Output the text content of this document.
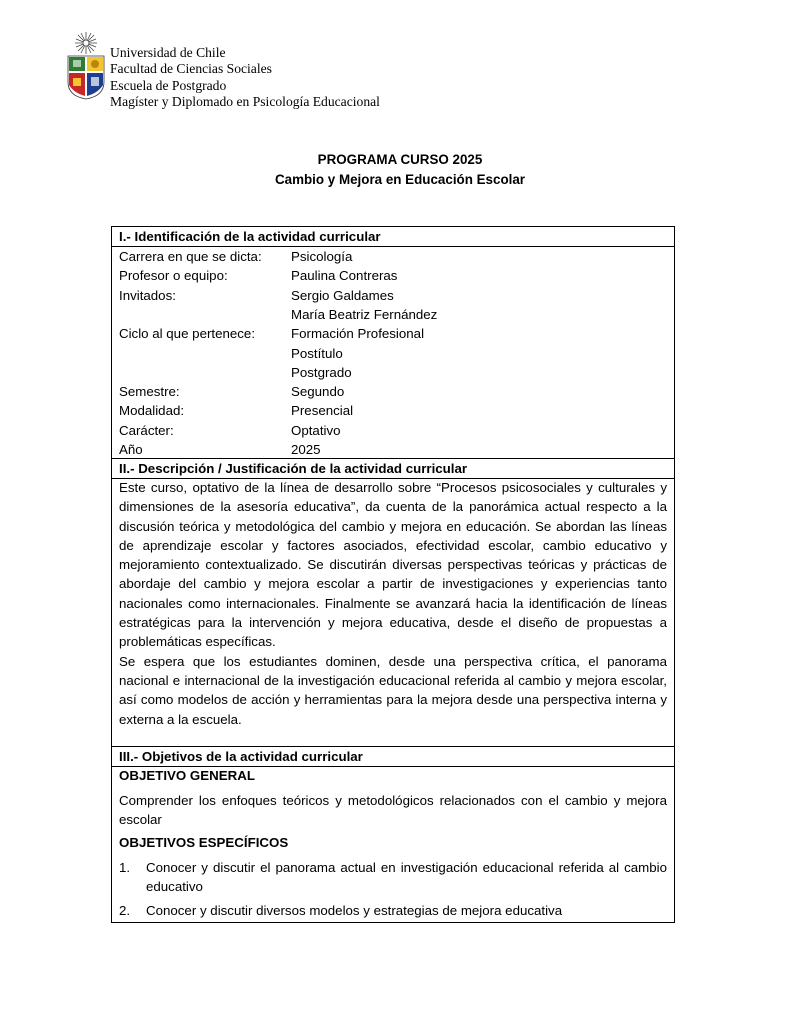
Universidad de Chile
Facultad de Ciencias Sociales
Escuela de Postgrado
Magíster y Diplomado en Psicología Educacional
PROGRAMA CURSO 2025
Cambio y Mejora en Educación Escolar
I.- Identificación de la actividad curricular
Carrera en que se dicta:	Psicología
Profesor o equipo:	Paulina Contreras
Invitados:	Sergio Galdames
María Beatriz Fernández
Ciclo al que pertenece:	Formación Profesional
Postítulo
Postgrado
Semestre:	Segundo
Modalidad:	Presencial
Carácter:	Optativo
Año	2025
II.- Descripción / Justificación de la actividad curricular

Este curso, optativo de la línea de desarrollo sobre “Procesos psicosociales y culturales y dimensiones de la asesoría educativa”, da cuenta de la panorámica actual respecto a la discusión teórica y metodológica del cambio y mejora en educación. Se abordan las líneas de aprendizaje escolar y factores asociados, efectividad escolar, cambio educativo y mejoramiento contextualizado. Se discutirán diversas perspectivas teóricas y prácticas de abordaje del cambio y mejora escolar a partir de investigaciones y experiencias tanto nacionales como internacionales. Finalmente se avanzará hacia la identificación de líneas estratégicas para la intervención y mejora educativa, desde el diseño de propuestas a problemáticas específicas.

Se espera que los estudiantes dominen, desde una perspectiva crítica, el panorama nacional e internacional de la investigación educacional referida al cambio y mejora escolar, así como modelos de acción y herramientas para la mejora desde una perspectiva interna y externa a la escuela.

III.- Objetivos de la actividad curricular
OBJETIVO GENERAL
Comprender los enfoques teóricos y metodológicos relacionados con el cambio y mejora escolar
OBJETIVOS ESPECÍFICOS
1. Conocer y discutir el panorama actual en investigación educacional referida al cambio educativo
2. Conocer y discutir diversos modelos y estrategias de mejora educativa
